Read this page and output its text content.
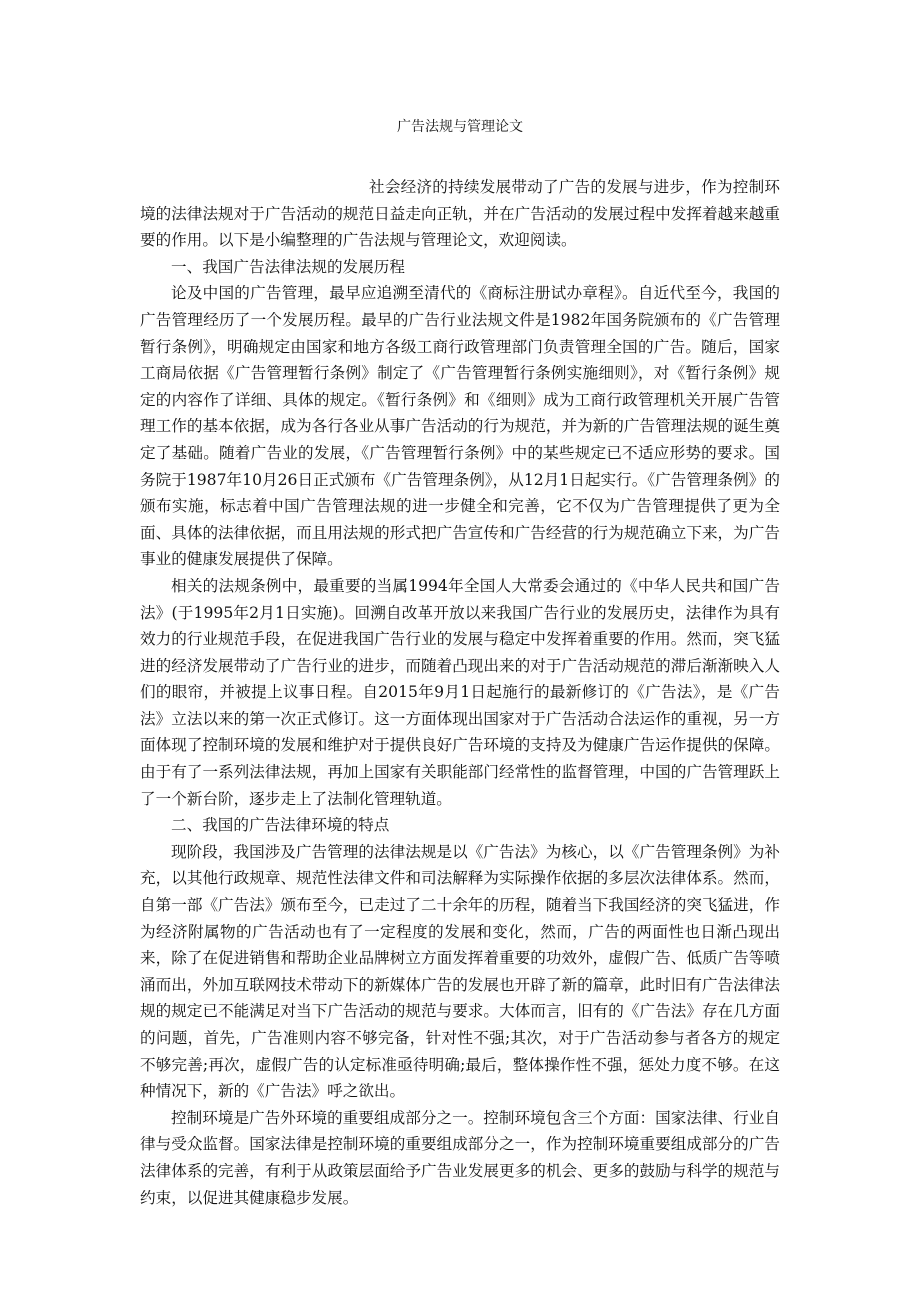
广告法规与管理论文

社会经济的持续发展带动了广告的发展与进步，作为控制环境的法律法规对于广告活动的规范日益走向正轨，并在广告活动的发展过程中发挥着越来越重要的作用。以下是小编整理的广告法规与管理论文，欢迎阅读。

一、我国广告法律法规的发展历程

论及中国的广告管理，最早应追溯至清代的《商标注册试办章程》。自近代至今，我国的广告管理经历了一个发展历程。最早的广告行业法规文件是1982年国务院颁布的《广告管理暂行条例》，明确规定由国家和地方各级工商行政管理部门负责管理全国的广告。随后，国家工商局依据《广告管理暂行条例》制定了《广告管理暂行条例实施细则》，对《暂行条例》规定的内容作了详细、具体的规定。《暂行条例》和《细则》成为工商行政管理机关开展广告管理工作的基本依据，成为各行各业从事广告活动的行为规范，并为新的广告管理法规的诞生奠定了基础。随着广告业的发展，《广告管理暂行条例》中的某些规定已不适应形势的要求。国务院于1987年10月26日正式颁布《广告管理条例》，从12月1日起实行。《广告管理条例》的颁布实施，标志着中国广告管理法规的进一步健全和完善，它不仅为广告管理提供了更为全面、具体的法律依据，而且用法规的形式把广告宣传和广告经营的行为规范确立下来，为广告事业的健康发展提供了保障。

相关的法规条例中，最重要的当属1994年全国人大常委会通过的《中华人民共和国广告法》(于1995年2月1日实施)。回溯自改革开放以来我国广告行业的发展历史，法律作为具有效力的行业规范手段，在促进我国广告行业的发展与稳定中发挥着重要的作用。然而，突飞猛进的经济发展带动了广告行业的进步，而随着凸现出来的对于广告活动规范的滞后渐渐映入人们的眼帘，并被提上议事日程。自2015年9月1日起施行的最新修订的《广告法》，是《广告法》立法以来的第一次正式修订。这一方面体现出国家对于广告活动合法运作的重视，另一方面体现了控制环境的发展和维护对于提供良好广告环境的支持及为健康广告运作提供的保障。由于有了一系列法律法规，再加上国家有关职能部门经常性的监督管理，中国的广告管理跃上了一个新台阶，逐步走上了法制化管理轨道。

二、我国的广告法律环境的特点

现阶段，我国涉及广告管理的法律法规是以《广告法》为核心，以《广告管理条例》为补充，以其他行政规章、规范性法律文件和司法解释为实际操作依据的多层次法律体系。然而，自第一部《广告法》颁布至今，已走过了二十余年的历程，随着当下我国经济的突飞猛进，作为经济附属物的广告活动也有了一定程度的发展和变化，然而，广告的两面性也日渐凸现出来，除了在促进销售和帮助企业品牌树立方面发挥着重要的功效外，虚假广告、低质广告等喷涌而出，外加互联网技术带动下的新媒体广告的发展也开辟了新的篇章，此时旧有广告法律法规的规定已不能满足对当下广告活动的规范与要求。大体而言，旧有的《广告法》存在几方面的问题，首先，广告准则内容不够完备，针对性不强;其次，对于广告活动参与者各方的规定不够完善;再次，虚假广告的认定标准亟待明确;最后，整体操作性不强，惩处力度不够。在这种情况下，新的《广告法》呼之欲出。

控制环境是广告外环境的重要组成部分之一。控制环境包含三个方面：国家法律、行业自律与受众监督。国家法律是控制环境的重要组成部分之一，作为控制环境重要组成部分的广告法律体系的完善，有利于从政策层面给予广告业发展更多的机会、更多的鼓励与科学的规范与约束，以促进其健康稳步发展。
